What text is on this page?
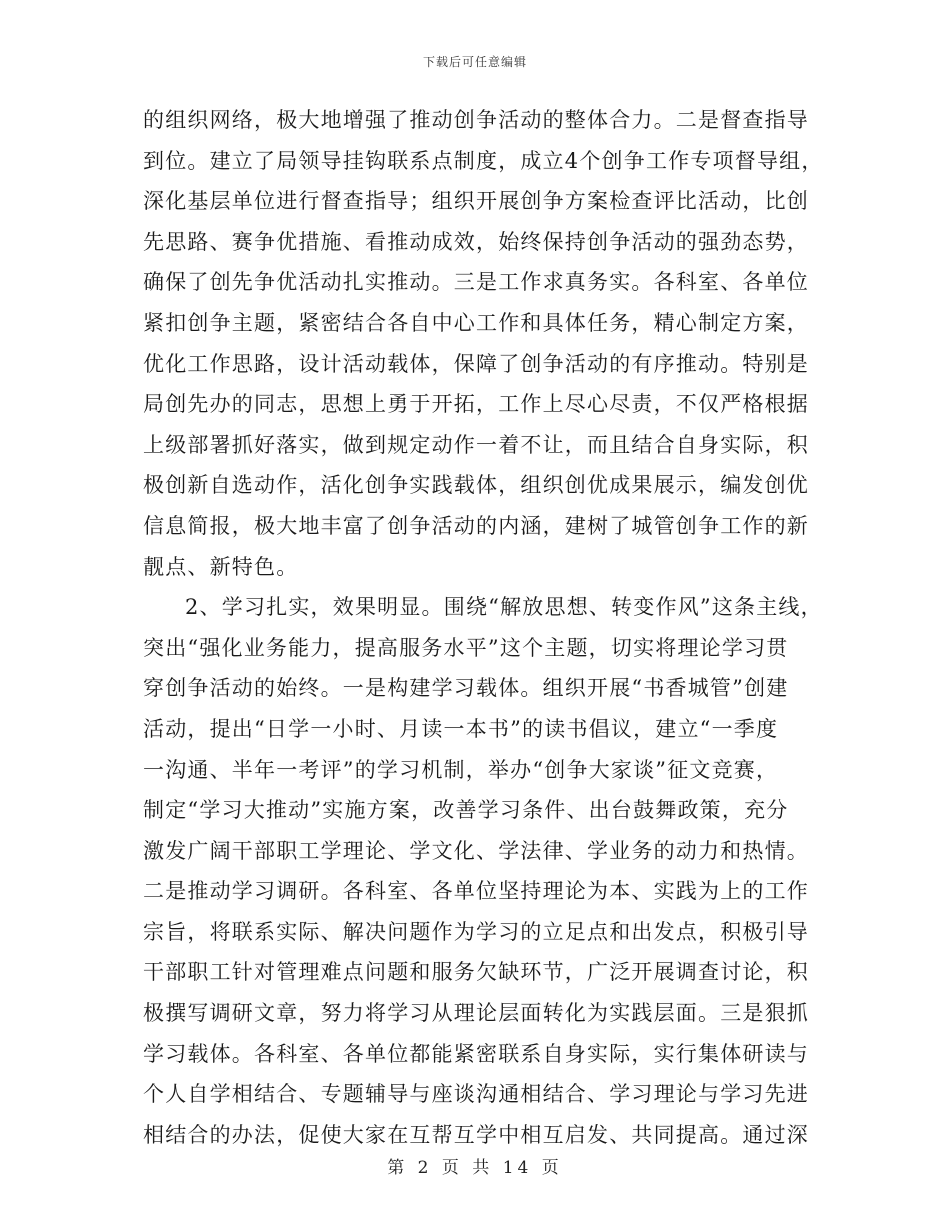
下载后可任意编辑
的组织网络，极大地增强了推动创争活动的整体合力。二是督查指导
到位。建立了局领导挂钩联系点制度，成立4个创争工作专项督导组，
深化基层单位进行督查指导；组织开展创争方案检查评比活动，比创
先思路、赛争优措施、看推动成效，始终保持创争活动的强劲态势，
确保了创先争优活动扎实推动。三是工作求真务实。各科室、各单位
紧扣创争主题，紧密结合各自中心工作和具体任务，精心制定方案，
优化工作思路，设计活动载体，保障了创争活动的有序推动。特别是
局创先办的同志，思想上勇于开拓，工作上尽心尽责，不仅严格根据
上级部署抓好落实，做到规定动作一着不让，而且结合自身实际，积
极创新自选动作，活化创争实践载体，组织创优成果展示，编发创优
信息简报，极大地丰富了创争活动的内涵，建树了城管创争工作的新
靓点、新特色。
2、学习扎实，效果明显。围绕“解放思想、转变作风”这条主线，
突出“强化业务能力，提高服务水平”这个主题，切实将理论学习贯
穿创争活动的始终。一是构建学习载体。组织开展“书香城管”创建
活动，提出“日学一小时、月读一本书”的读书倡议，建立“一季度
一沟通、半年一考评”的学习机制，举办“创争大家谈”征文竞赛，
制定“学习大推动”实施方案，改善学习条件、出台鼓舞政策，充分
激发广阔干部职工学理论、学文化、学法律、学业务的动力和热情。
二是推动学习调研。各科室、各单位坚持理论为本、实践为上的工作
宗旨，将联系实际、解决问题作为学习的立足点和出发点，积极引导
干部职工针对管理难点问题和服务欠缺环节，广泛开展调查讨论，积
极撰写调研文章，努力将学习从理论层面转化为实践层面。三是狠抓
学习载体。各科室、各单位都能紧密联系自身实际，实行集体研读与
个人自学相结合、专题辅导与座谈沟通相结合、学习理论与学习先进
相结合的办法，促使大家在互帮互学中相互启发、共同提高。通过深
第 2 页 共 14 页
